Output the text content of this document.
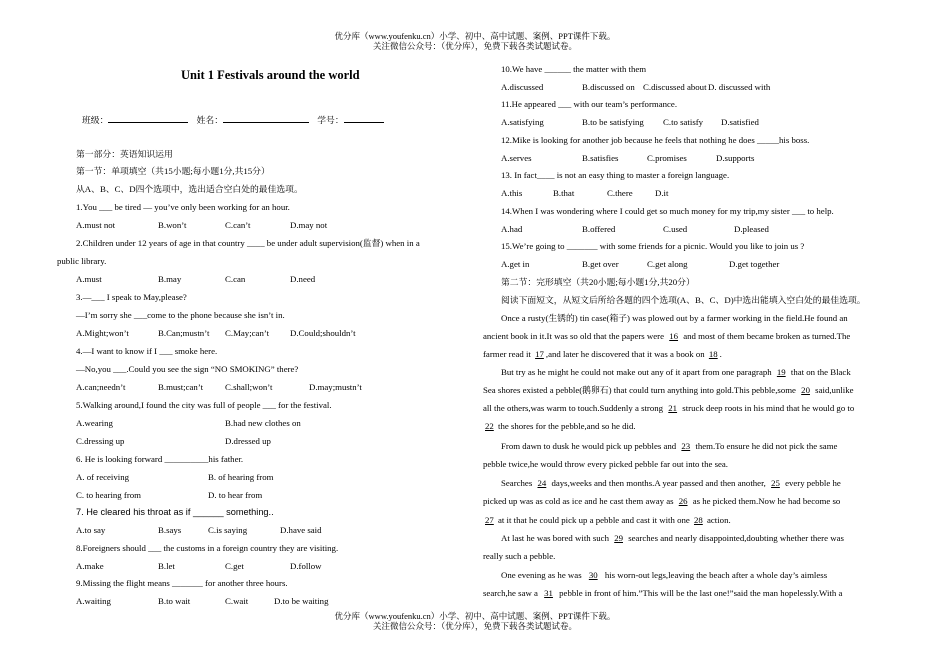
优分库（www.youfenku.cn）小学、初中、高中试题、案例、PPT课件下载。
关注微信公众号：（优分库），免费下载各类试题试卷。
Unit 1 Festivals around the world
班级：	姓名：	学号：
第一部分：英语知识运用
第一节：单项填空（共15小题;每小题1分,共15分）
从A、B、C、D四个选项中，选出适合空白处的最佳选项。
1.You ___ be tired — you’ve only been working for an hour.
A.must not	B.won’t	C.can’t	D.may not
2.Children under 12 years of age in that country ____ be under adult supervision(监督) when in a
public library.
A.must	B.may	C.can	D.need
3.—___ I speak to May,please?
—I’m sorry she ___come to the phone because she isn’t in.
A.Might;won’t	B.Can;mustn’t C.May;can’t D.Could;shouldn’t
4.—I want to know if I ___ smoke here.
—No,you ___.Could you see the sign “NO SMOKING” there?
A.can;needn’t	B.must;can’t C.shall;won’t	D.may;mustn’t
5.Walking around,I found the city was full of people ___ for the festival.
A.wearing	B.had new clothes on
C.dressing up	D.dressed up
6. He is looking forward __________his father.
A. of receiving	B. of hearing from
C. to hearing from	D. to hear from
7. He cleared his throat as if ______ something..
A.to say	B.says	C.is saying	D.have said
8.Foreigners should ___ the customs in a foreign country they are visiting.
A.make	B.let	C.get	D.follow
9.Missing the flight means _______ for another three hours.
A.waiting	B.to wait	C.wait	D.to be waiting
10.We have ______ the matter with them
A.discussed	B.discussed on C.discussed about D. discussed with
11.He appeared ___ with our team’s performance.
A.satisfying	B.to be satisfying C.to satisfy D.satisfied
12.Mike is looking for another job because he feels that nothing he does _____his boss.
A.serves	B.satisfies	C.promises	D.supports
13. In fact____ is not an easy thing to master a foreign language.
A.this	B.that	C.there	D.it
14.When I was wondering where I could get so much money for my trip,my sister ___ to help.
A.had	B.offered	C.used	D.pleased
15.We’re going to _______ with some friends for a picnic. Would you like to join us ?
A.get in	B.get over	C.get along	D.get together
第二节：完形填空（共20小题;每小题1分,共20分）
阅读下面短文，从短文后所给各题的四个选项(A、B、C、D)中选出能填入空白处的最佳选项。
Once a rusty(生锈的) tin case(箱子) was plowed out by a farmer working in the field.He found an
ancient book in it.It was so old that the papers were 16 and most of them became broken as turned.The
farmer read it 17 ,and later he discovered that it was a book on 18 .
But try as he might he could not make out any of it apart from one paragraph 19 that on the Black
Sea shores existed a pebble(鹅卵石) that could turn anything into gold.This pebble,some 20 said,unlike
all the others,was warm to touch.Suddenly a strong 21 struck deep roots in his mind that he would go to
22 the shores for the pebble,and so he did.
From dawn to dusk he would pick up pebbles and 23 them.To ensure he did not pick the same
pebble twice,he would throw every picked pebble far out into the sea.
Searches 24 days,weeks and then months.A year passed and then another, 25 every pebble he
picked up was as cold as ice and he cast them away as 26 as he picked them.Now he had become so
27 at it that he could pick up a pebble and cast it with one 28 action.
At last he was bored with such 29 searches and nearly disappointed,doubting whether there was
really such a pebble.
One evening as he was 30 his worn-out legs,leaving the beach after a whole day’s aimless
search,he saw a 31 pebble in front of him.”This will be the last one!”said the man hopelessly.With a
优分库（www.youfenku.cn）小学、初中、高中试题、案例、PPT课件下载。
关注微信公众号：（优分库），免费下载各类试题试卷。
